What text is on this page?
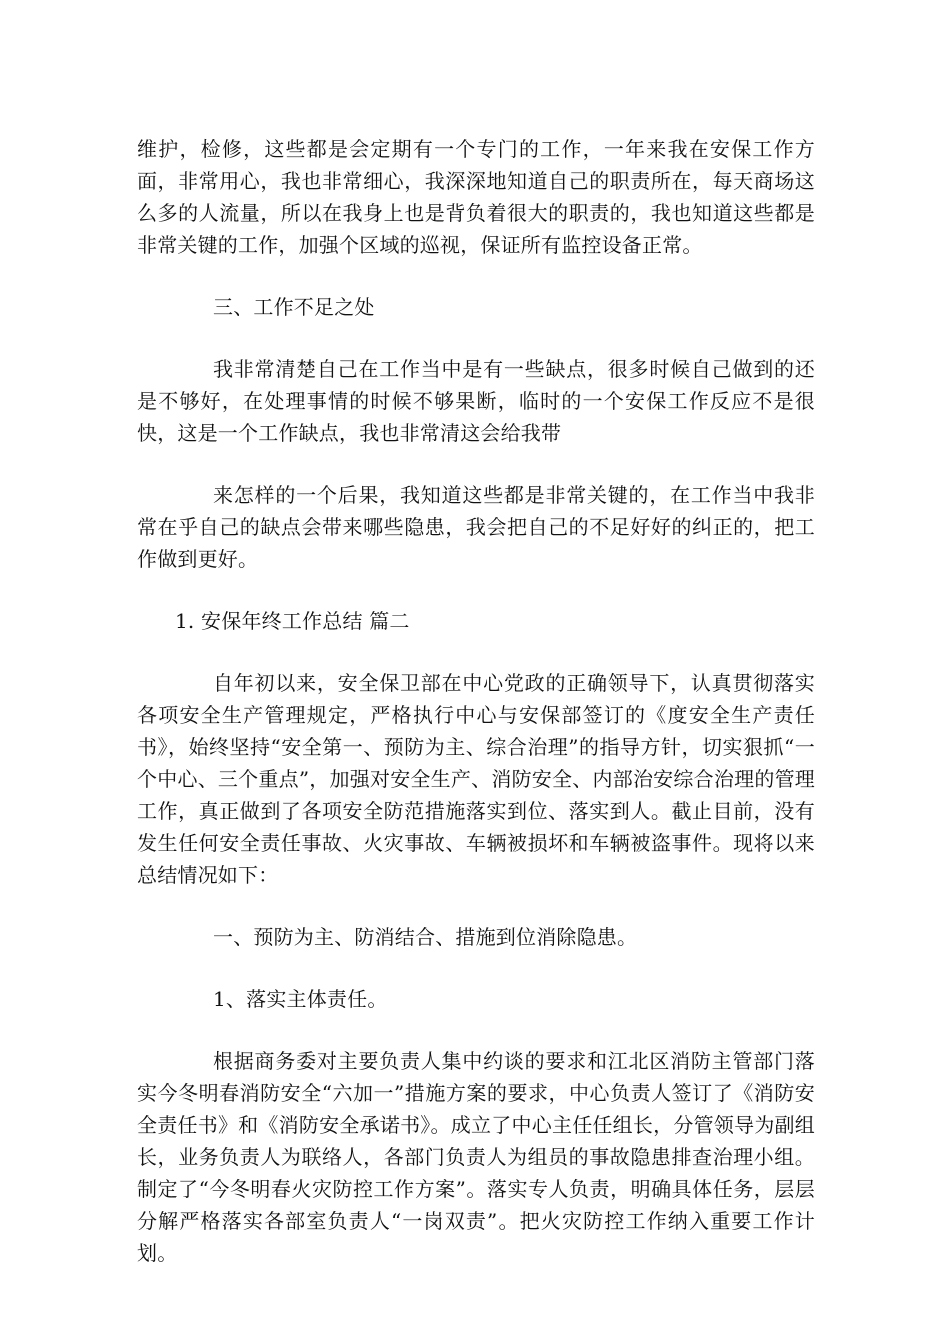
维护，检修，这些都是会定期有一个专门的工作，一年来我在安保工作方面，非常用心，我也非常细心，我深深地知道自己的职责所在，每天商场这么多的人流量，所以在我身上也是背负着很大的职责的，我也知道这些都是非常关键的工作，加强个区域的巡视，保证所有监控设备正常。

三、工作不足之处

我非常清楚自己在工作当中是有一些缺点，很多时候自己做到的还是不够好，在处理事情的时候不够果断，临时的一个安保工作反应不是很快，这是一个工作缺点，我也非常清这会给我带

来怎样的一个后果，我知道这些都是非常关键的，在工作当中我非常在乎自己的缺点会带来哪些隐患，我会把自己的不足好好的纠正的，把工作做到更好。

1. 安保年终工作总结 篇二

自年初以来，安全保卫部在中心党政的正确领导下，认真贯彻落实各项安全生产管理规定，严格执行中心与安保部签订的《度安全生产责任书》，始终坚持“安全第一、预防为主、综合治理”的指导方针，切实狠抓“一个中心、三个重点”，加强对安全生产、消防安全、内部治安综合治理的管理工作，真正做到了各项安全防范措施落实到位、落实到人。截止目前，没有发生任何安全责任事故、火灾事故、车辆被损坏和车辆被盗事件。现将以来总结情况如下：

一、预防为主、防消结合、措施到位消除隐患。

1、落实主体责任。

根据商务委对主要负责人集中约谈的要求和江北区消防主管部门落实今冬明春消防安全“六加一”措施方案的要求，中心负责人签订了《消防安全责任书》和《消防安全承诺书》。成立了中心主任任组长，分管领导为副组长，业务负责人为联络人，各部门负责人为组员的事故隐患排查治理小组。制定了“今冬明春火灾防控工作方案”。落实专人负责，明确具体任务，层层分解严格落实各部室负责人“一岗双责”。把火灾防控工作纳入重要工作计划。
